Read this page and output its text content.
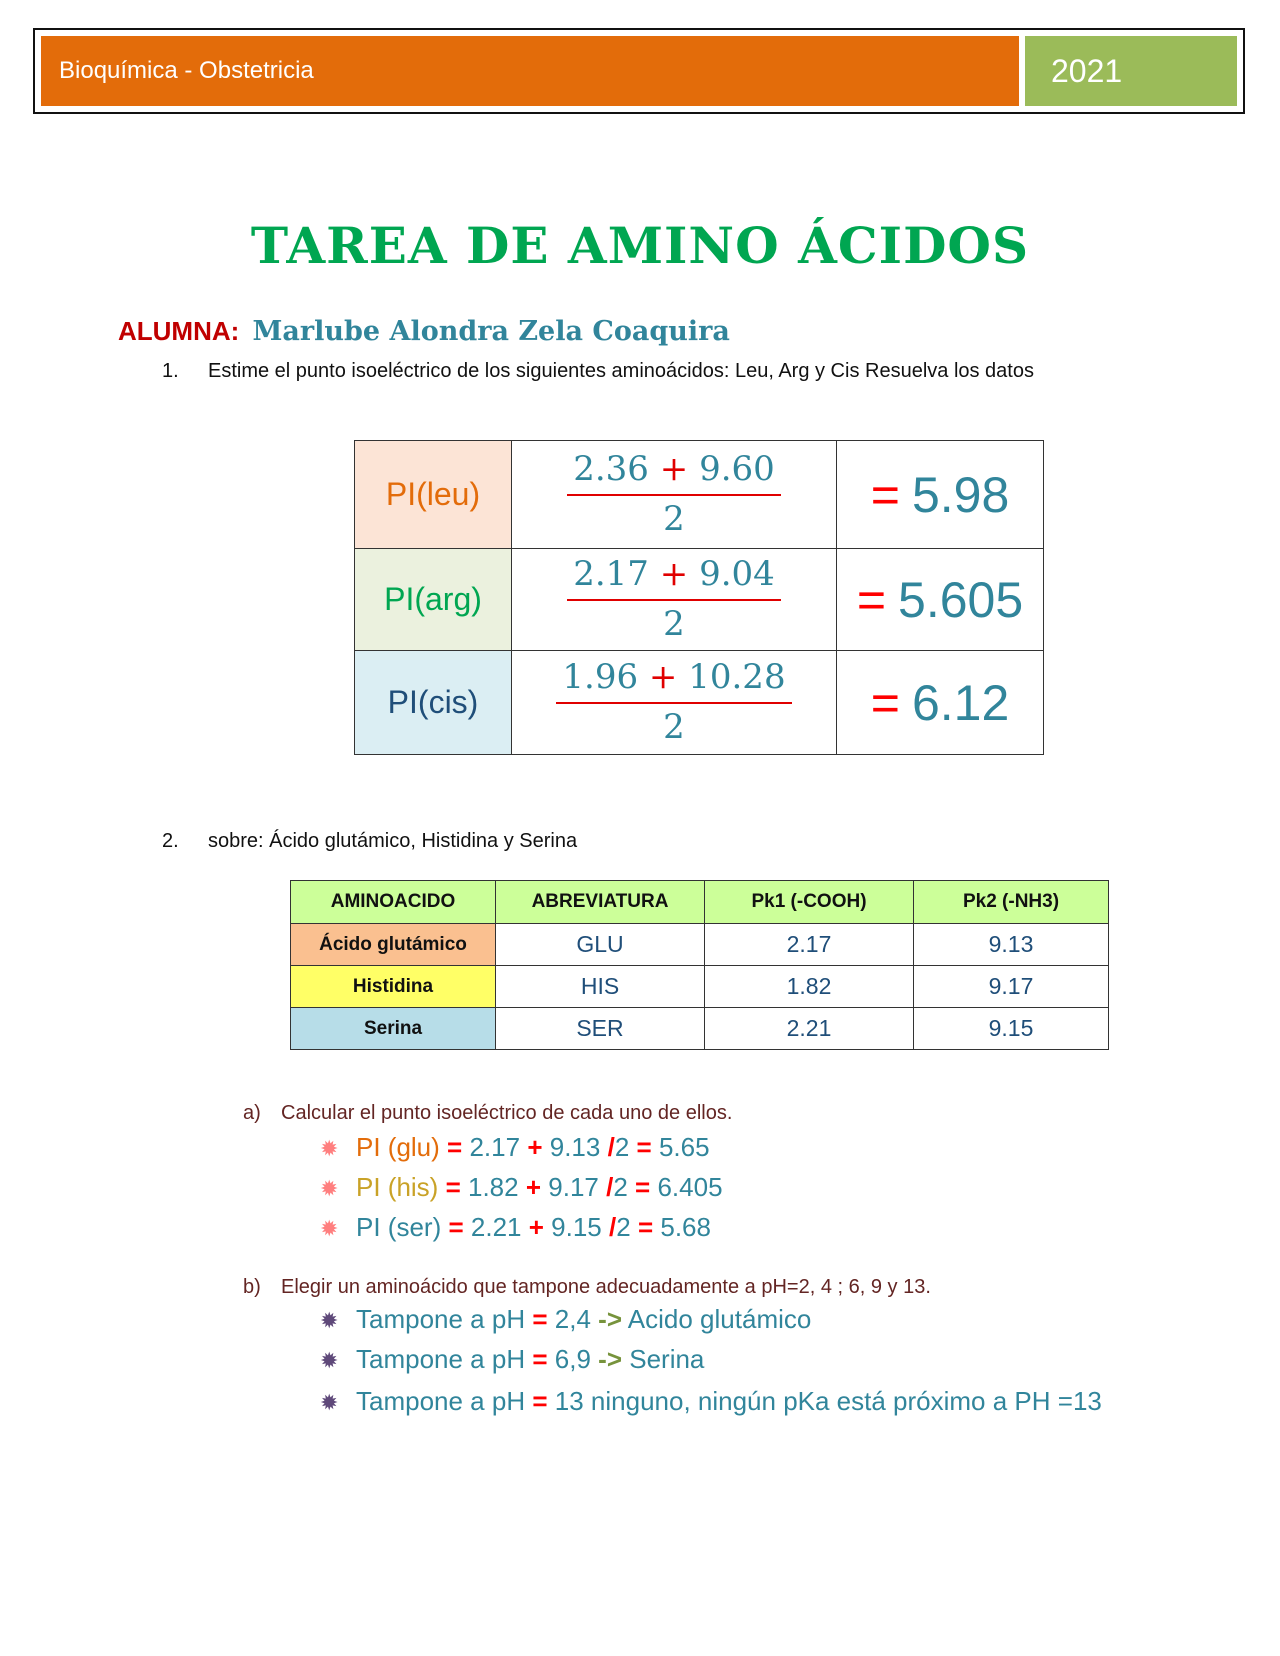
Bioquímica - Obstetricia	2021
TAREA DE AMINO ÁCIDOS
ALUMNA: Marlube Alondra Zela Coaquira
1. Estime el punto isoeléctrico de los siguientes aminoácidos: Leu, Arg y Cis Resuelva los datos
PI(leu)	$\frac{2.36 + 9.60}{2}$	= 5.98
PI(arg)	$\frac{2.17 + 9.04}{2}$	= 5.605
PI(cis)	$\frac{1.96 + 10.28}{2}$	= 6.12
2. sobre: Ácido glutámico, Histidina y Serina
AMINOACIDO	ABREVIATURA	Pk1 (-COOH)	Pk2 (-NH3)
Ácido glutámico	GLU	2.17	9.13
Histidina	HIS	1.82	9.17
Serina	SER	2.21	9.15
a) Calcular el punto isoeléctrico de cada uno de ellos.
✹ PI (glu) = 2.17 + 9.13 /2 = 5.65
✹ PI (his) = 1.82 + 9.17 /2 = 6.405
✹ PI (ser) = 2.21 + 9.15 /2 = 5.68
b) Elegir un aminoácido que tampone adecuadamente a pH=2, 4 ; 6, 9 y 13.
✹ Tampone a pH = 2,4 -> Acido glutámico
✹ Tampone a pH = 6,9 -> Serina
✹ Tampone a pH = 13 ninguno, ningún pKa está próximo a PH =13
